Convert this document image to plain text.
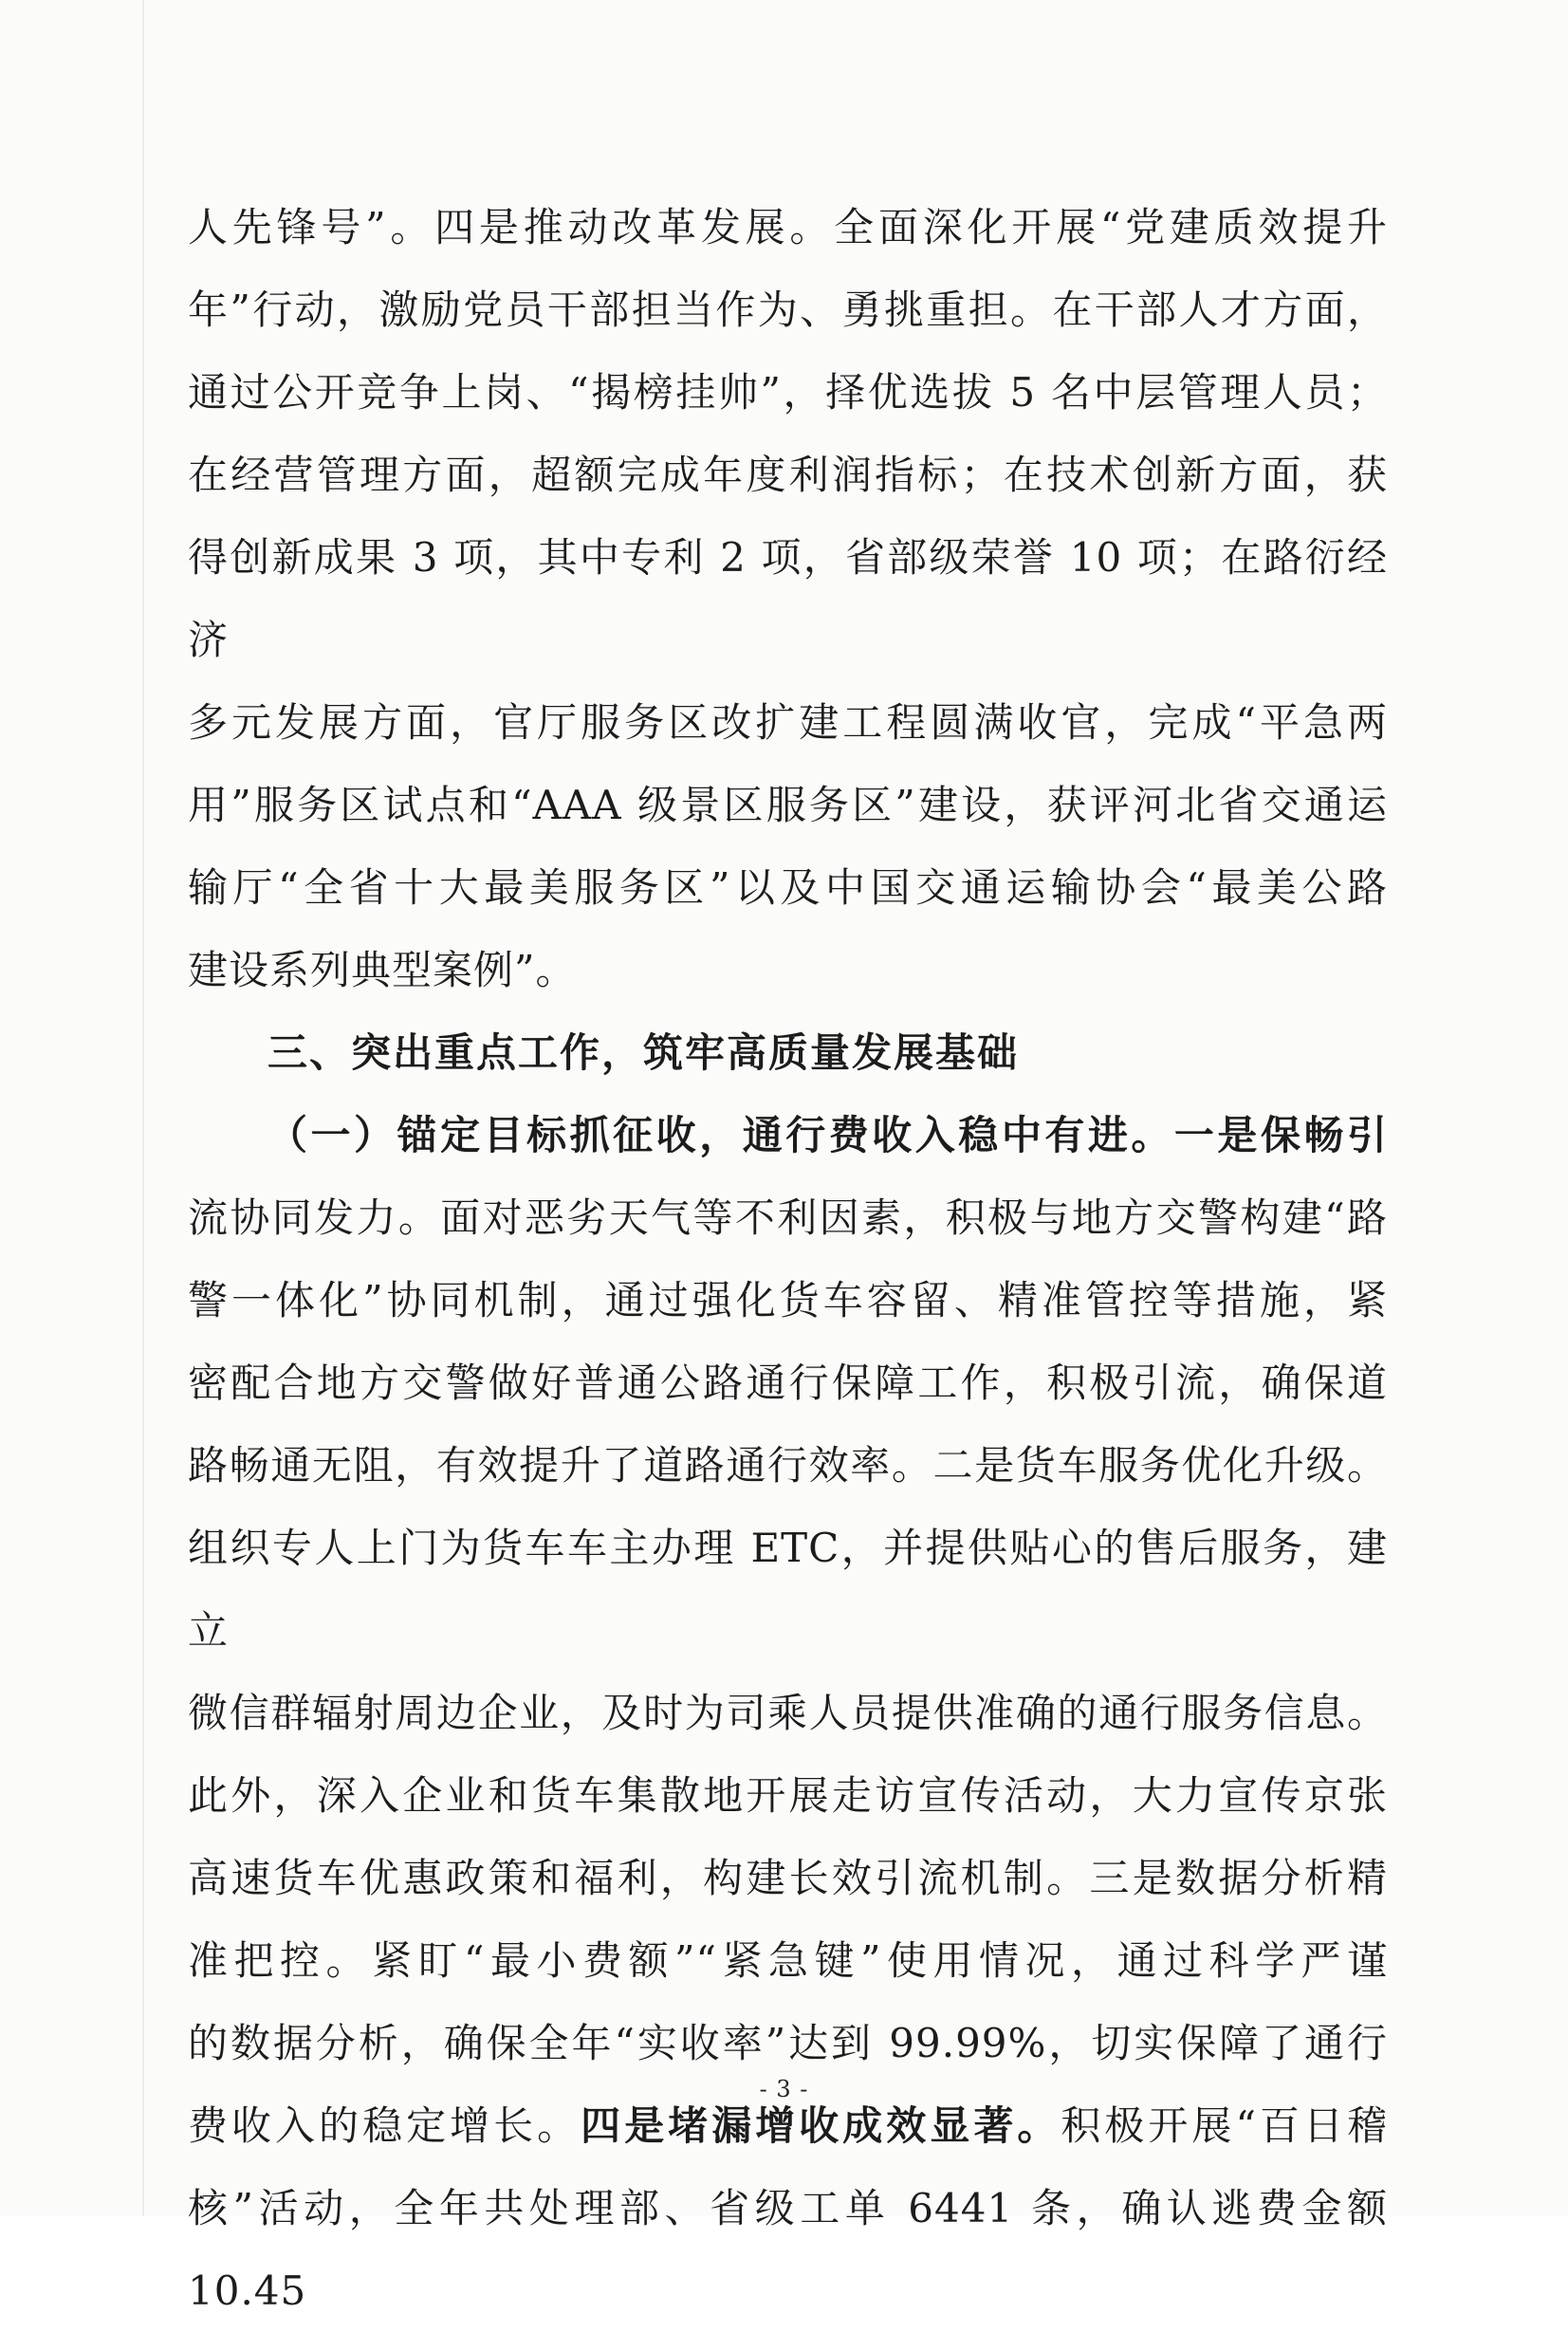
人先锋号”。四是推动改革发展。全面深化开展“党建质效提升
年”行动，激励党员干部担当作为、勇挑重担。在干部人才方面，
通过公开竞争上岗、“揭榜挂帅”，择优选拔 5 名中层管理人员；
在经营管理方面，超额完成年度利润指标；在技术创新方面，获
得创新成果 3 项，其中专利 2 项，省部级荣誉 10 项；在路衍经济
多元发展方面，官厅服务区改扩建工程圆满收官，完成“平急两
用”服务区试点和“AAA 级景区服务区”建设，获评河北省交通运
输厅“全省十大最美服务区”以及中国交通运输协会“最美公路

建设系列典型案例”。

三、突出重点工作，筑牢高质量发展基础

（一）锚定目标抓征收，通行费收入稳中有进。一是保畅引

流协同发力。面对恶劣天气等不利因素，积极与地方交警构建“路
警一体化”协同机制，通过强化货车容留、精准管控等措施，紧
密配合地方交警做好普通公路通行保障工作，积极引流，确保道
路畅通无阻，有效提升了道路通行效率。二是货车服务优化升级。
组织专人上门为货车车主办理 ETC，并提供贴心的售后服务，建立
微信群辐射周边企业，及时为司乘人员提供准确的通行服务信息。
此外，深入企业和货车集散地开展走访宣传活动，大力宣传京张
高速货车优惠政策和福利，构建长效引流机制。三是数据分析精
准把控。紧盯“最小费额”“紧急键”使用情况，通过科学严谨
的数据分析，确保全年“实收率”达到 99.99%，切实保障了通行
费收入的稳定增长。四是堵漏增收成效显著。积极开展“百日稽

核”活动，全年共处理部、省级工单 6441 条，确认逃费金额 10.45

- 3 -
